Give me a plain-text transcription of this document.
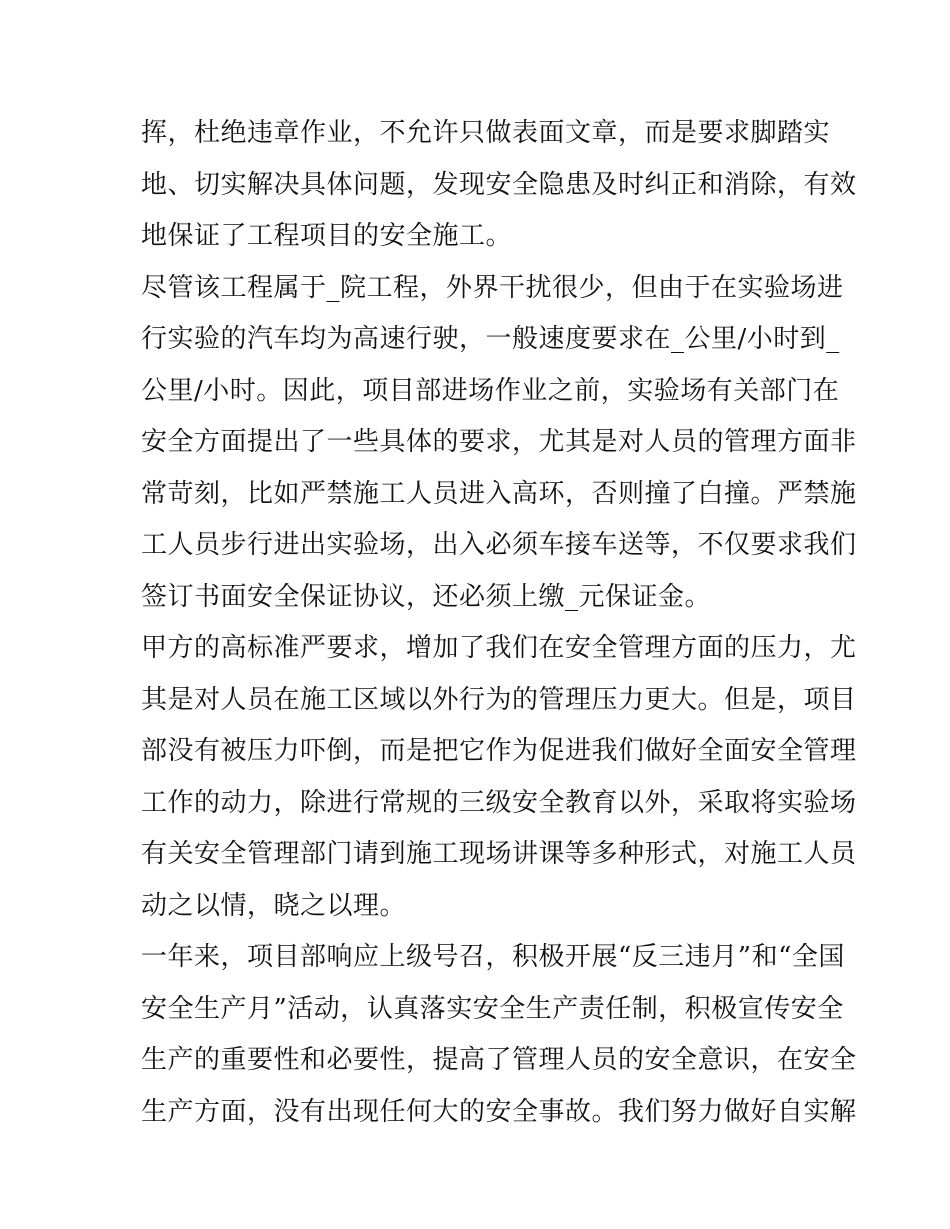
挥，杜绝违章作业，不允许只做表面文章，而是要求脚踏实
地、切实解决具体问题，发现安全隐患及时纠正和消除，有效
地保证了工程项目的安全施工。
尽管该工程属于_院工程，外界干扰很少，但由于在实验场进
行实验的汽车均为高速行驶，一般速度要求在_公里/小时到_
公里/小时。因此，项目部进场作业之前，实验场有关部门在
安全方面提出了一些具体的要求，尤其是对人员的管理方面非
常苛刻，比如严禁施工人员进入高环，否则撞了白撞。严禁施
工人员步行进出实验场，出入必须车接车送等，不仅要求我们
签订书面安全保证协议，还必须上缴_元保证金。
甲方的高标准严要求，增加了我们在安全管理方面的压力，尤
其是对人员在施工区域以外行为的管理压力更大。但是，项目
部没有被压力吓倒，而是把它作为促进我们做好全面安全管理
工作的动力，除进行常规的三级安全教育以外，采取将实验场
有关安全管理部门请到施工现场讲课等多种形式，对施工人员
动之以情，晓之以理。
一年来，项目部响应上级号召，积极开展“反三违月”和“全国
安全生产月”活动，认真落实安全生产责任制，积极宣传安全
生产的重要性和必要性，提高了管理人员的安全意识，在安全
生产方面，没有出现任何大的安全事故。我们努力做好自实解
